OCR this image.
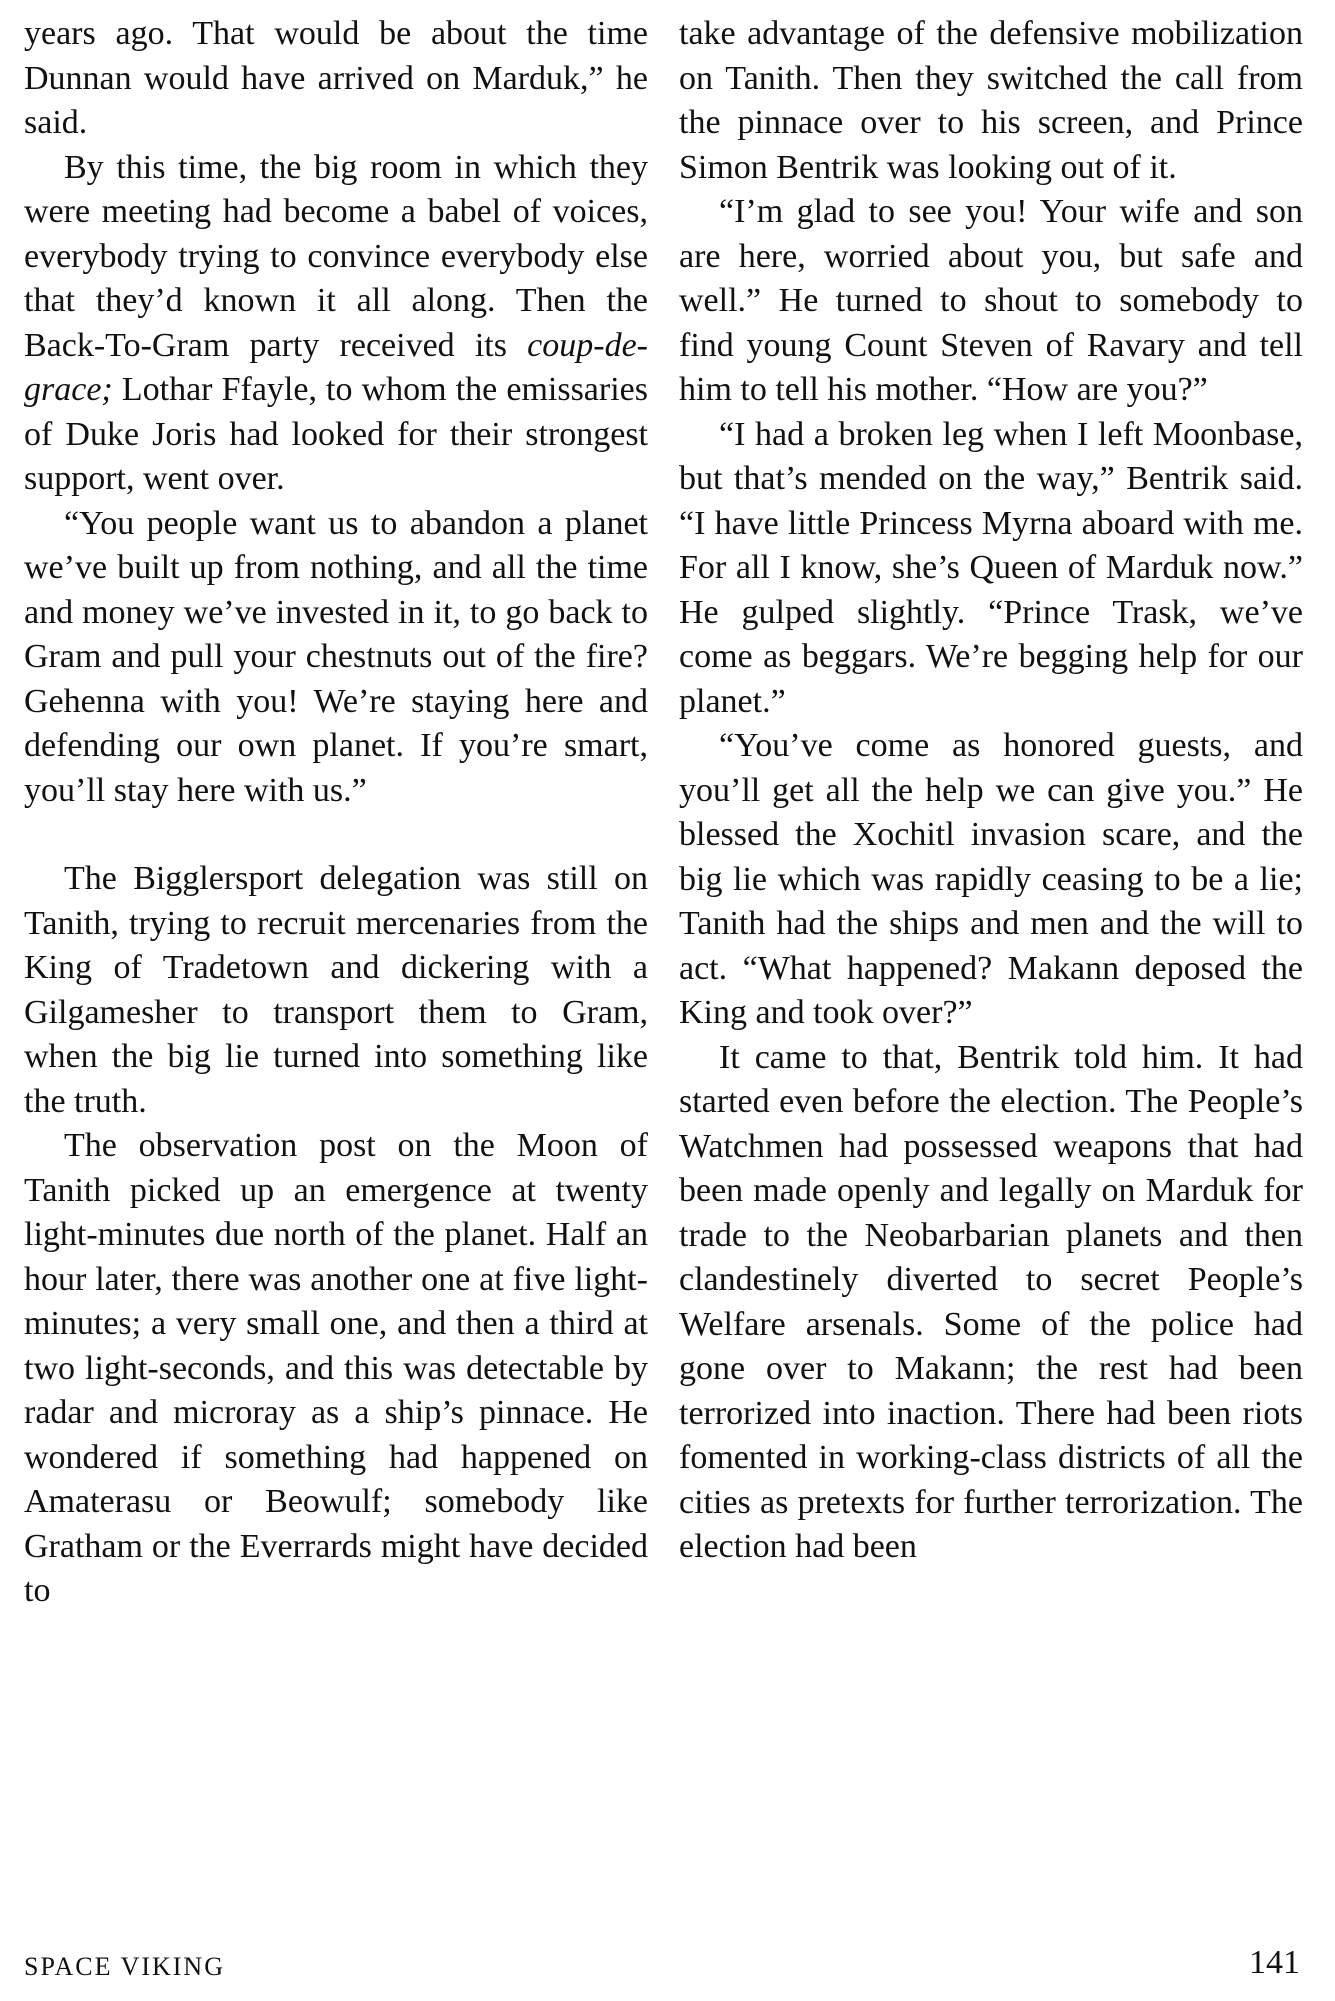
years ago. That would be about the time Dunnan would have arrived on Marduk,” he said.

By this time, the big room in which they were meeting had become a babel of voices, everybody trying to convince everybody else that they’d known it all along. Then the Back-To-Gram party received its coup-de-grace; Lothar Ffayle, to whom the emissaries of Duke Joris had looked for their strongest support, went over.

“You people want us to abandon a planet we’ve built up from nothing, and all the time and money we’ve invested in it, to go back to Gram and pull your chestnuts out of the fire? Gehenna with you! We’re staying here and defending our own planet. If you’re smart, you’ll stay here with us.”

The Bigglersport delegation was still on Tanith, trying to recruit mercenaries from the King of Tradetown and dickering with a Gilgamesher to transport them to Gram, when the big lie turned into something like the truth.

The observation post on the Moon of Tanith picked up an emergence at twenty light-minutes due north of the planet. Half an hour later, there was another one at five light-minutes; a very small one, and then a third at two light-seconds, and this was detectable by radar and microray as a ship’s pinnace. He wondered if something had happened on Amaterasu or Beowulf; somebody like Gratham or the Everrards might have decided to

take advantage of the defensive mobilization on Tanith. Then they switched the call from the pinnace over to his screen, and Prince Simon Bentrik was looking out of it.

“I’m glad to see you! Your wife and son are here, worried about you, but safe and well.” He turned to shout to somebody to find young Count Steven of Ravary and tell him to tell his mother. “How are you?”

“I had a broken leg when I left Moonbase, but that’s mended on the way,” Bentrik said. “I have little Princess Myrna aboard with me. For all I know, she’s Queen of Marduk now.” He gulped slightly. “Prince Trask, we’ve come as beggars. We’re begging help for our planet.”

“You’ve come as honored guests, and you’ll get all the help we can give you.” He blessed the Xochitl invasion scare, and the big lie which was rapidly ceasing to be a lie; Tanith had the ships and men and the will to act. “What happened? Makann deposed the King and took over?”

It came to that, Bentrik told him. It had started even before the election. The People’s Watchmen had possessed weapons that had been made openly and legally on Marduk for trade to the Neobarbarian planets and then clandestinely diverted to secret People’s Welfare arsenals. Some of the police had gone over to Makann; the rest had been terrorized into inaction. There had been riots fomented in working-class districts of all the cities as pretexts for further terrorization. The election had been

SPACE VIKING	141
